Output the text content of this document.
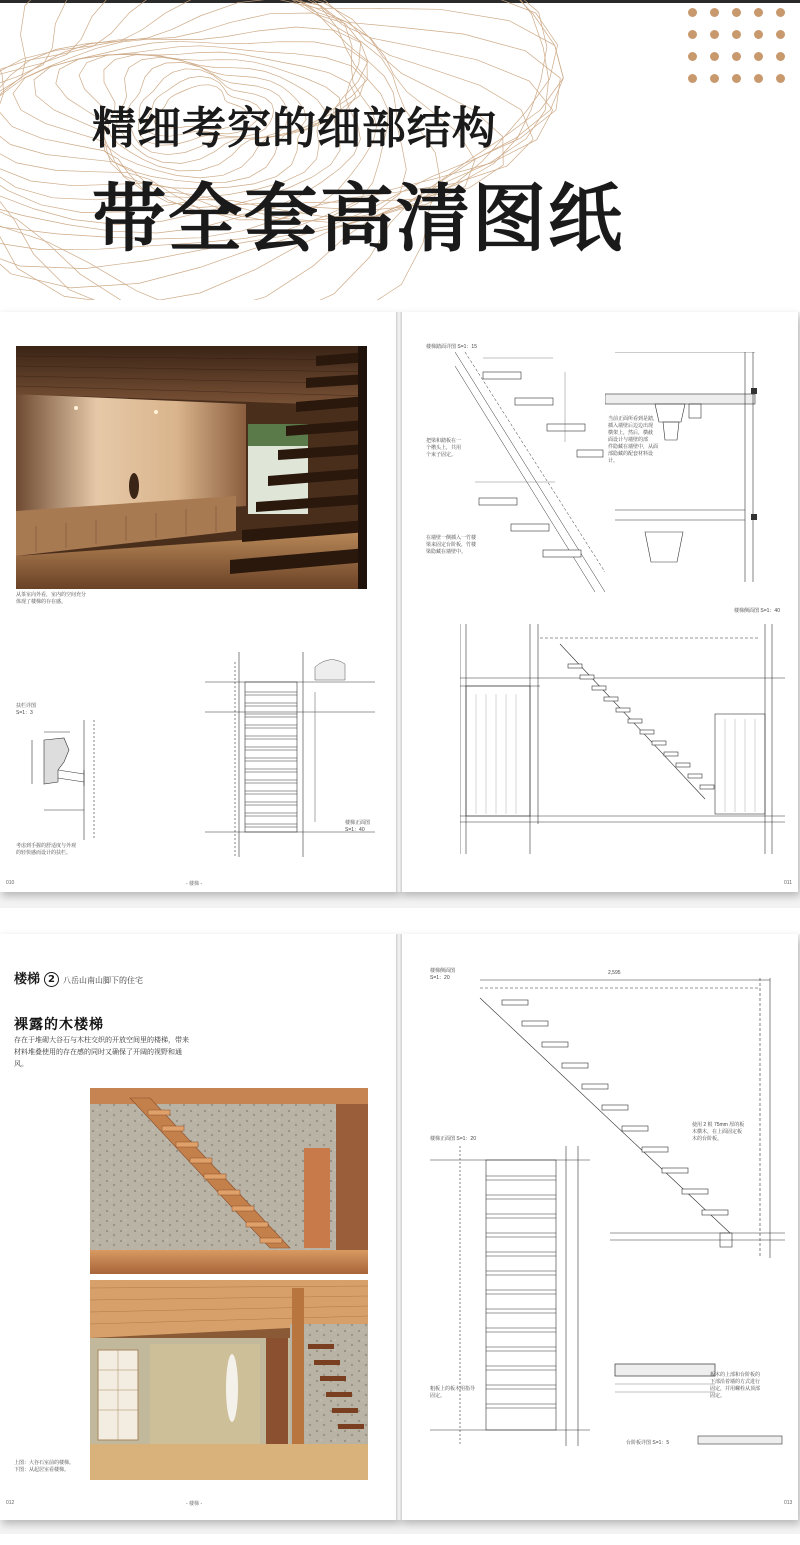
精细考究的细部结构
带全套高清图纸
从茶室向外看，室内的空间充分
体现了楼梯的存在感。
扶栏详图
S=1：3
考虑到手握的舒适度与外观
的轻快感而设计的扶栏。
楼梯正面图
S=1：40
010	- 楼梯 -
楼梯踏面详图 S=1：15
把梁和踏板在一
个槽头上，共用
个束子固定。
在墙壁一侧插入一竹楼
梁来固定台阶板，竹楼
梁隐藏在墙壁中。
当前正面所看到是踏，
插入墙壁后边边出现
横架上，然后，横截
面设计与墙壁的部
件隐藏在墙壁中，从面
部隐藏的配套材料设
计。
楼梯侧面图 S=1：40
011
楼梯 2 八岳山南山脚下的住宅
裸露的木楼梯
存在于堆砌大谷石与木柱交织的开放空间里的楼梯，带来材料堆叠使用的存在感的同时又确保了开阔的视野和通风。
上图：大谷石室前的楼梯。
下图：从起居室看楼梯。
012	- 楼梯 -
楼梯侧面图
S=1：20
2,595
使用 2 根 75mm 厚的板
木横木，在上面固定板
木的台阶板。
楼梯正面图 S=1：20
粗板上的板木用指导
固定。
板木的上部和台阶板的
下部沿着墙的方式进行
固定，并用螺栓从顶部
固定。
台阶板详图 S=1：5
013
